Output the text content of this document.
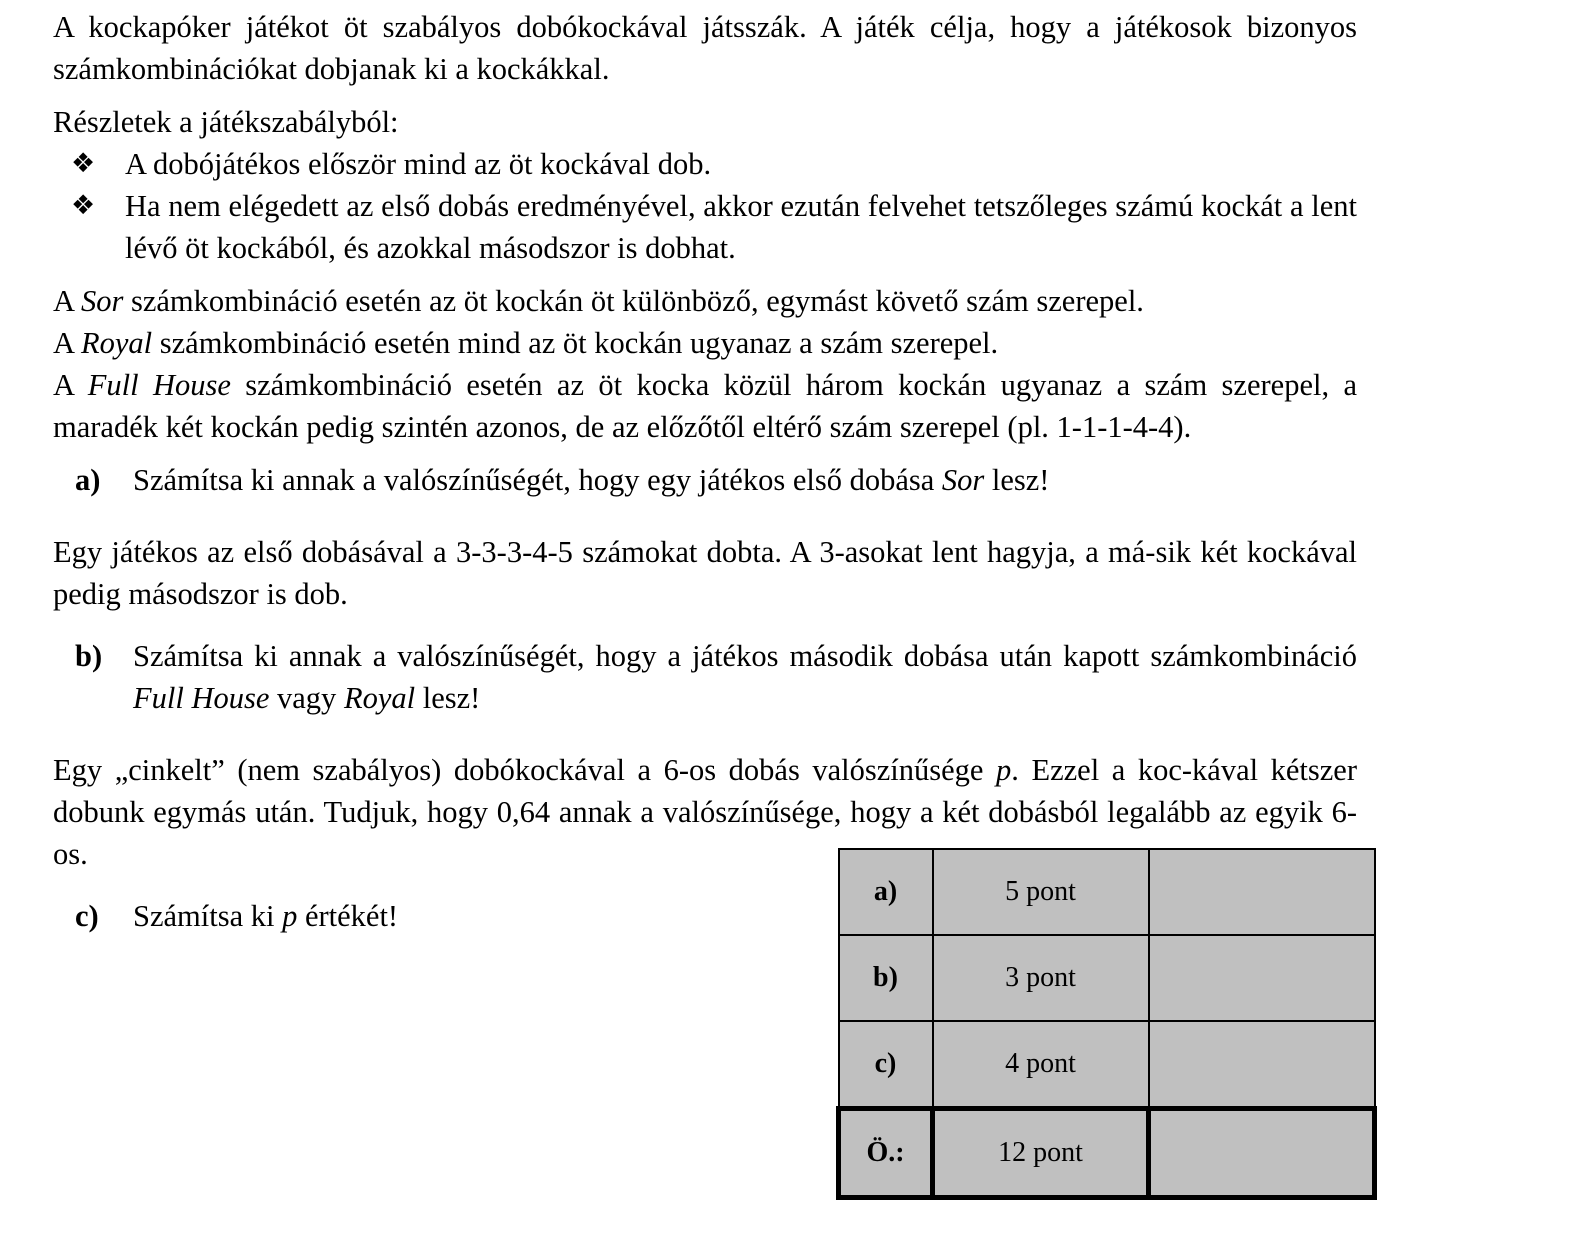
A kockapóker játékot öt szabályos dobókockával játsszák. A játék célja, hogy a játékosok bizonyos számkombinációkat dobjanak ki a kockákkal.

Részletek a játékszabályból:

❖ A dobójátékos először mind az öt kockával dob.
❖ Ha nem elégedett az első dobás eredményével, akkor ezután felvehet tetszőleges számú kockát a lent lévő öt kockából, és azokkal másodszor is dobhat.

A Sor számkombináció esetén az öt kockán öt különböző, egymást követő szám szerepel.

A Royal számkombináció esetén mind az öt kockán ugyanaz a szám szerepel.

A Full House számkombináció esetén az öt kocka közül három kockán ugyanaz a szám szerepel, a maradék két kockán pedig szintén azonos, de az előzőtől eltérő szám szerepel (pl. 1-1-1-4-4).

a) Számítsa ki annak a valószínűségét, hogy egy játékos első dobása Sor lesz!

Egy játékos az első dobásával a 3-3-3-4-5 számokat dobta. A 3-asokat lent hagyja, a má-sik két kockával pedig másodszor is dob.

b) Számítsa ki annak a valószínűségét, hogy a játékos második dobása után kapott számkombináció Full House vagy Royal lesz!

Egy „cinkelt” (nem szabályos) dobókockával a 6-os dobás valószínűsége p. Ezzel a koc-kával kétszer dobunk egymás után. Tudjuk, hogy 0,64 annak a valószínűsége, hogy a két dobásból legalább az egyik 6-os.

c) Számítsa ki p értékét!
a)	5 pont	
b)	3 pont	
c)	4 pont	
Ö.:	12 pont	
